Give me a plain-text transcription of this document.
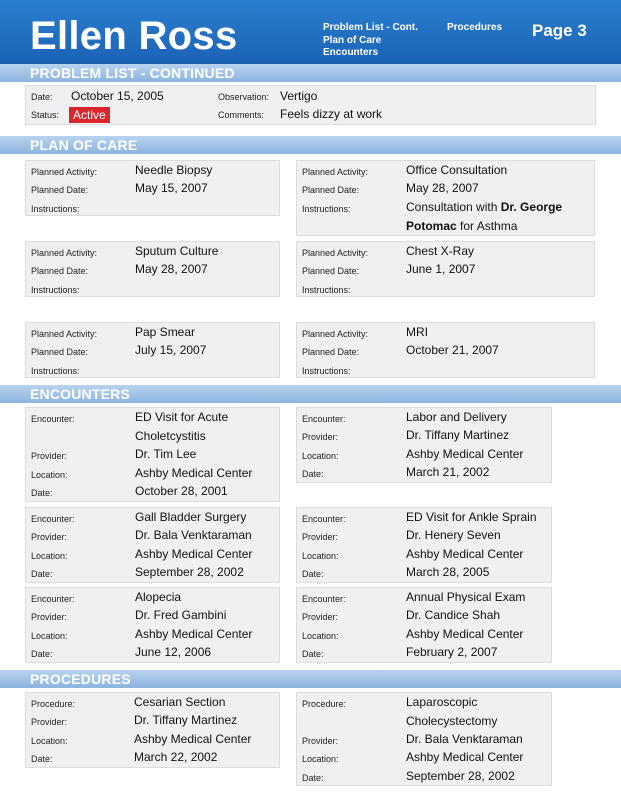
Ellen Ross	Problem List - Cont.
Plan of Care
Encounters
Procedures Page 3
PROBLEM LIST - CONTINUED
Date: October 15, 2005
Status:	Active
Observation: Vertigo
Comments: Feels dizzy at work
PLAN OF CARE
Planned Activity:	Needle Biopsy
Planned Date:	May 15, 2007
Instructions:
Planned Activity:	Office Consultation
Planned Date:	May 28, 2007
Instructions:	Consultation with Dr. George
Potomac for Asthma
Planned Activity:	Sputum Culture
Planned Date:	May 28, 2007
Instructions:
Planned Activity:	Chest X-Ray
Planned Date:	June 1, 2007
Instructions:
Planned Activity:	Pap Smear
Planned Date:	July 15, 2007
Instructions:
Planned Activity:	MRI
Planned Date:	October 21, 2007
Instructions:
ENCOUNTERS
Encounter:	ED Visit for Acute
Choletcystitis
Provider:	Dr. Tim Lee
Location:	Ashby Medical Center
Date:	October 28, 2001
Encounter:	Labor and Delivery
Provider:	Dr. Tiffany Martinez
Location:	Ashby Medical Center
Date:	March 21, 2002
Encounter:	Gall Bladder Surgery
Provider:	Dr. Bala Venktaraman
Location:	Ashby Medical Center
Date:	September 28, 2002
Encounter:	ED Visit for Ankle Sprain
Provider:	Dr. Henery Seven
Location:	Ashby Medical Center
Date:	March 28, 2005
Encounter:	Alopecia
Provider:	Dr. Fred Gambini
Location:	Ashby Medical Center
Date:	June 12, 2006
Encounter:	Annual Physical Exam
Provider:	Dr. Candice Shah
Location:	Ashby Medical Center
Date:	February 2, 2007
PROCEDURES
Procedure:	Cesarian Section
Provider:	Dr. Tiffany Martinez
Location:	Ashby Medical Center
Date:	March 22, 2002
Procedure:	Laparoscopic
Cholecystectomy
Provider:	Dr. Bala Venktaraman
Location:	Ashby Medical Center
Date:	September 28, 2002
